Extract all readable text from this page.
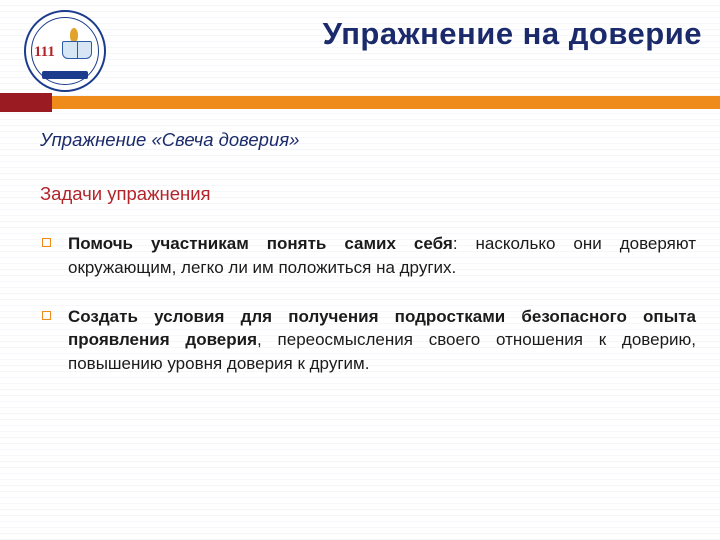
111
Упражнение на доверие

Упражнение «Свеча доверия»

Задачи упражнения

Помочь участникам понять самих себя: насколько они доверяют окружающим, легко ли им положиться на других.
Создать условия для получения подростками безопасного опыта проявления доверия, переосмысления своего отношения к доверию, повышению уровня доверия к другим.
